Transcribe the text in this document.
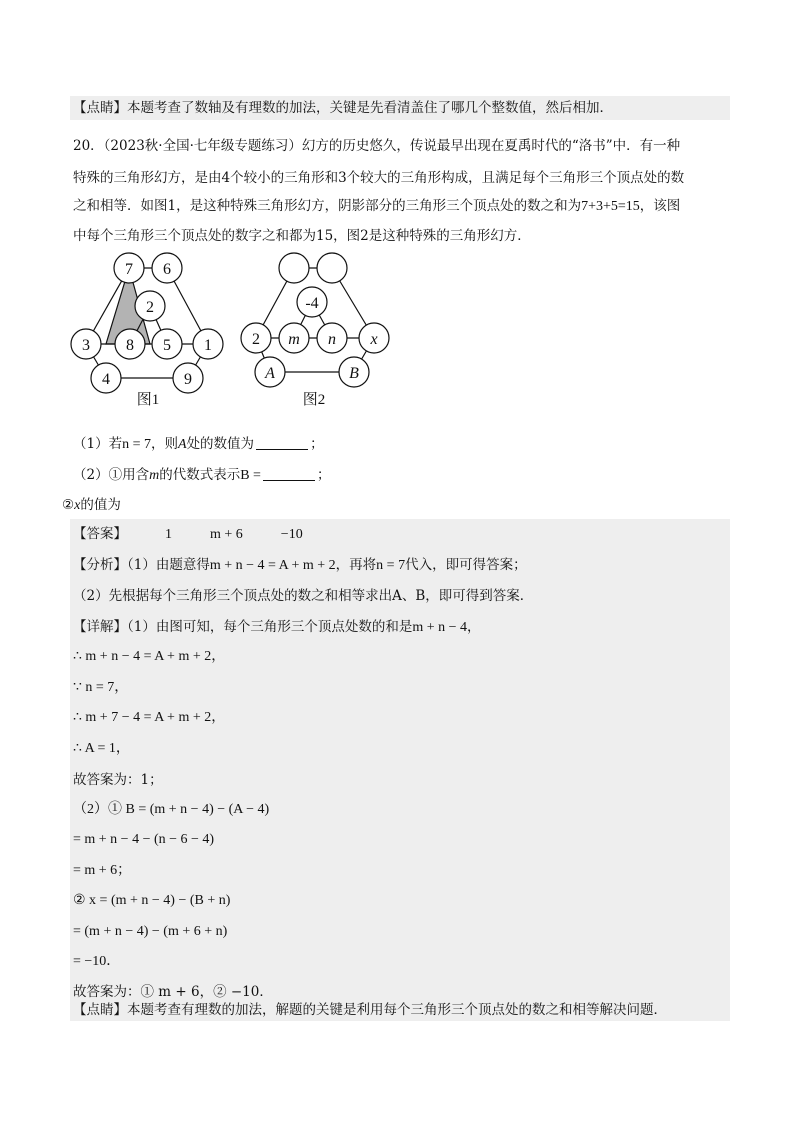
【点睛】本题考查了数轴及有理数的加法，关键是先看清盖住了哪几个整数值，然后相加．
20．（2023秋·全国·七年级专题练习）幻方的历史悠久，传说最早出现在夏禹时代的“洛书”中．有一种
特殊的三角形幻方，是由4个较小的三角形和3个较大的三角形构成，且满足每个三角形三个顶点处的数
之和相等．如图1，是这种特殊三角形幻方，阴影部分的三角形三个顶点处的数之和为7+3+5=15，该图
中每个三角形三个顶点处的数字之和都为15，图2是这种特殊的三角形幻方．
7 6
2
3 8 5 1
4	9
图1
-4
2 m n x
A	B
图2
（1）若n = 7，则A处的数值为	；
（2）①用含m的代数式表示B =	；
②x的值为
【答案】	1	m + 6	−10
【分析】（1）由题意得m + n − 4 = A + m + 2，再将n = 7代入，即可得答案；
（2）先根据每个三角形三个顶点处的数之和相等求出A、B，即可得到答案．
【详解】（1）由图可知，每个三角形三个顶点处数的和是m + n − 4，
∴ m + n − 4 = A + m + 2，
∵ n = 7，
∴ m + 7 − 4 = A + m + 2，
∴ A = 1，
故答案为：1；
（2）① B = (m + n − 4) − (A − 4)
= m + n − 4 − (n − 6 − 4)
= m + 6；
② x = (m + n − 4) − (B + n)
= (m + n − 4) − (m + 6 + n)
= −10．
故答案为：① m + 6，② −10．
【点睛】本题考查有理数的加法，解题的关键是利用每个三角形三个顶点处的数之和相等解决问题．
